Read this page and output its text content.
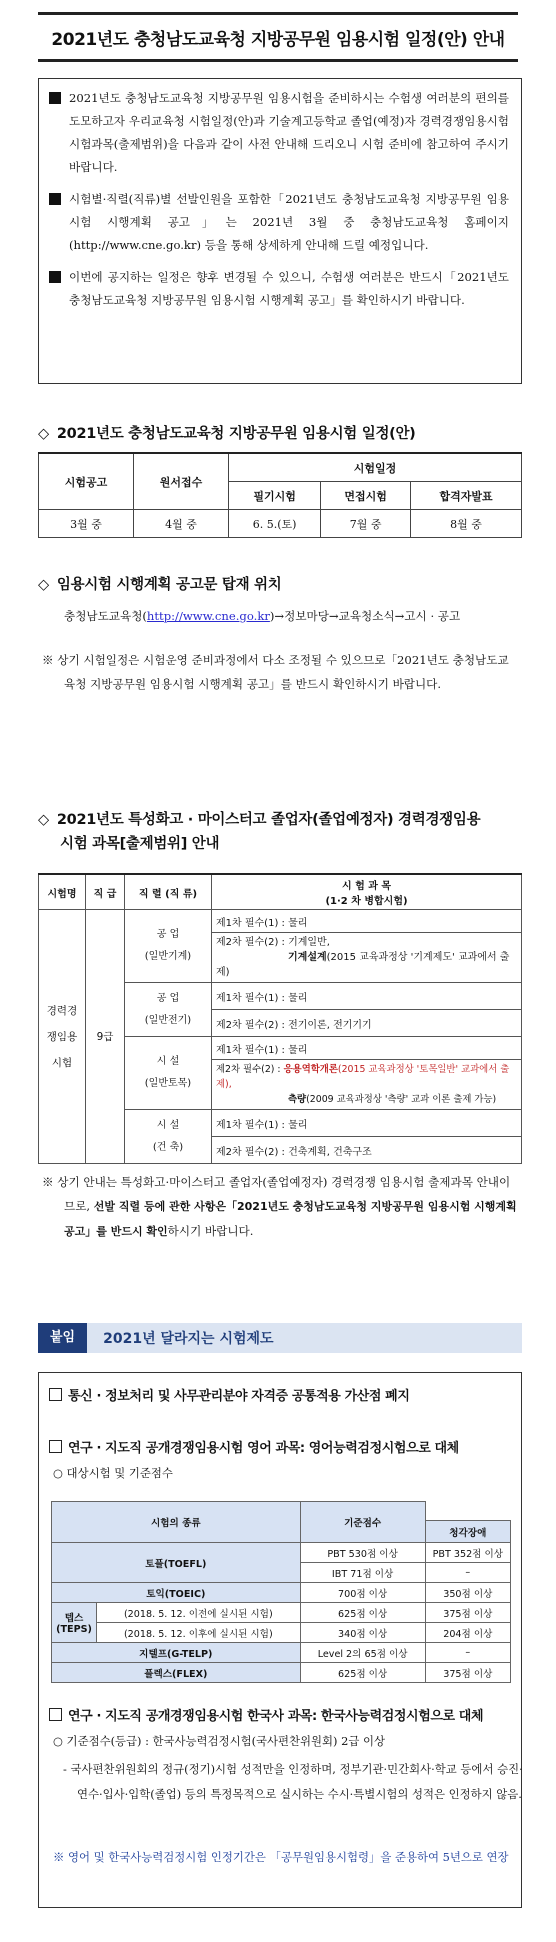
2021년도 충청남도교육청 지방공무원 임용시험 일정(안) 안내

2021년도 충청남도교육청 지방공무원 임용시험을 준비하시는 수험생 여러분의 편의를 도모하고자 우리교육청 시험일정(안)과 기술계고등학교 졸업(예정)자 경력경쟁임용시험 시험과목(출제범위)을 다음과 같이 사전 안내해 드리오니 시험 준비에 참고하여 주시기 바랍니다.

시험별·직렬(직류)별 선발인원을 포함한「2021년도 충청남도교육청 지방공무원 임용시험 시행계획 공고」는 2021년 3월 중 충청남도교육청 홈페이지(http://www.cne.go.kr) 등을 통해 상세하게 안내해 드릴 예정입니다.

이번에 공지하는 일정은 향후 변경될 수 있으니, 수험생 여러분은 반드시「2021년도 충청남도교육청 지방공무원 임용시험 시행계획 공고」를 확인하시기 바랍니다.

◇ 2021년도 충청남도교육청 지방공무원 임용시험 일정(안)
시험공고	원서접수	시험일정		
		필기시험	면접시험	합격자발표
3월 중	4월 중	6. 5.(토)	7월 중	8월 중
◇ 임용시험 시행계획 공고문 탑재 위치
충청남도교육청(http://www.cne.go.kr)→정보마당→교육청소식→고시 · 공고
※ 상기 시험일정은 시험운영 준비과정에서 다소 조정될 수 있으므로「2021년도 충청남도교육청 지방공무원 임용시험 시행계획 공고」를 반드시 확인하시기 바랍니다.
◇ 2021년도 특성화고 · 마이스터고 졸업자(졸업예정자) 경력경쟁임용
시험 과목[출제범위] 안내
시험명	직 급	직 렬 (직 류)	시 험 과 목
(1·2 차 병합시험)
경력경쟁임용시험	9급	공 업
(일반기계)	제1차 필수(1) : 물리
			제2차 필수(2) : 기계일반,
기계설계(2015 교육과정상 '기계제도' 교과에서 출제)
		공 업
(일반전기)	제1차 필수(1) : 물리
			제2차 필수(2) : 전기이론, 전기기기
		시 설
(일반토목)	제1차 필수(1) : 물리
			제2차 필수(2) : 응용역학개론(2015 교육과정상 '토목일반' 교과에서 출제),
측량(2009 교육과정상 '측량' 교과 이론 출제 가능)
		시 설
(건 축)	제1차 필수(1) : 물리
			제2차 필수(2) : 건축계획, 건축구조
※ 상기 안내는 특성화고·마이스터고 졸업자(졸업예정자) 경력경쟁 임용시험 출제과목 안내이므로, 선발 직렬 등에 관한 사항은「2021년도 충청남도교육청 지방공무원 임용시험 시행계획 공고」를 반드시 확인하시기 바랍니다.
붙임	2021년 달라지는 시험제도
통신 · 정보처리 및 사무관리분야 자격증 공통적용 가산점 폐지
연구 · 지도직 공개경쟁임용시험 영어 과목: 영어능력검정시험으로 대체
○ 대상시험 및 기준점수
시험의 종류		기준점수	
			청각장애
토플(TOEFL)		PBT 530점 이상	PBT 352점 이상
		IBT 71점 이상	–
토익(TOEIC)		700점 이상	350점 이상
텝스 (TEPS)	(2018. 5. 12. 이전에 실시된 시험)	625점 이상	375점 이상
	(2018. 5. 12. 이후에 실시된 시험)	340점 이상	204점 이상
지텔프(G-TELP)		Level 2의 65점 이상	–
플렉스(FLEX)		625점 이상	375점 이상
연구 · 지도직 공개경쟁임용시험 한국사 과목: 한국사능력검정시험으로 대체
○ 기준점수(등급) : 한국사능력검정시험(국사편찬위원회) 2급 이상
- 국사편찬위원회의 정규(정기)시험 성적만을 인정하며, 정부기관·민간회사·학교 등에서 승진·연수·입사·입학(졸업) 등의 특정목적으로 실시하는 수시·특별시험의 성적은 인정하지 않음.
※ 영어 및 한국사능력검정시험 인정기간은 「공무원임용시험령」을 준용하여 5년으로 연장
